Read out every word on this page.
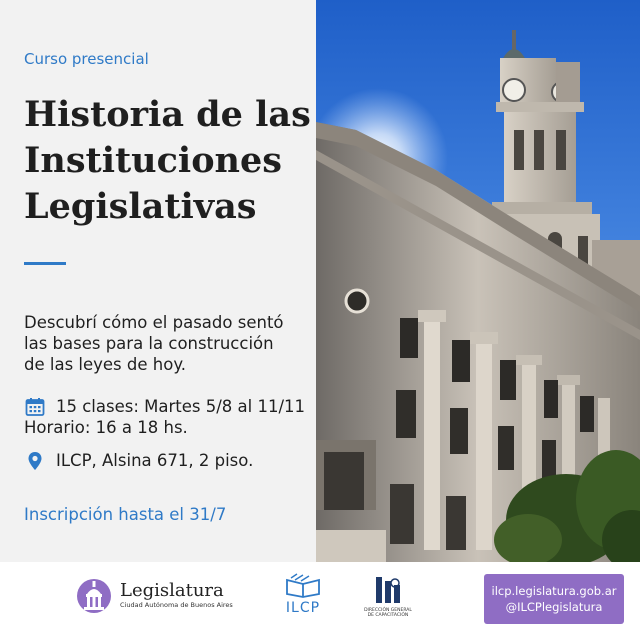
Curso presencial
Historia de las
Instituciones
Legislativas
Descubrí cómo el pasado sentó
las bases para la construcción
de las leyes de hoy.
15 clases: Martes 5/8 al 11/11
Horario: 16 a 18 hs.
ILCP, Alsina 671, 2 piso.
Inscripción hasta el 31/7
Legislatura
Ciudad Autónoma de Buenos Aires	ILCP	DIRECCIÓN GENERAL DE CAPACITACIÓN
ilcp.legislatura.gob.ar
@ILCPlegislatura
